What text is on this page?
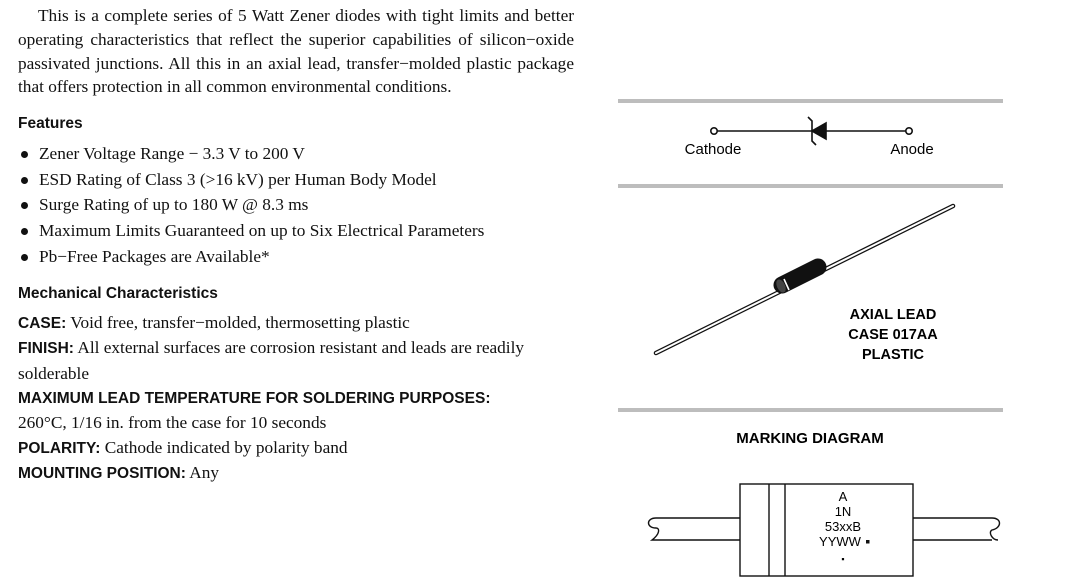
This is a complete series of 5 Watt Zener diodes with tight limits and better operating characteristics that reflect the superior capabilities of silicon−oxide passivated junctions. All this in an axial lead, transfer−molded plastic package that offers protection in all common environmental conditions.

Features
Zener Voltage Range − 3.3 V to 200 V
ESD Rating of Class 3 (>16 kV) per Human Body Model
Surge Rating of up to 180 W @ 8.3 ms
Maximum Limits Guaranteed on up to Six Electrical Parameters
Pb−Free Packages are Available*
Mechanical Characteristics

CASE: Void free, transfer−molded, thermosetting plastic

FINISH: All external surfaces are corrosion resistant and leads are readily solderable

MAXIMUM LEAD TEMPERATURE FOR SOLDERING PURPOSES:
260°C, 1/16 in. from the case for 10 seconds

POLARITY: Cathode indicated by polarity band

MOUNTING POSITION: Any

Cathode	Anode
AXIAL LEAD
CASE 017AA
PLASTIC
MARKING DIAGRAM
A
1N
53xxB
YYWW
▪
